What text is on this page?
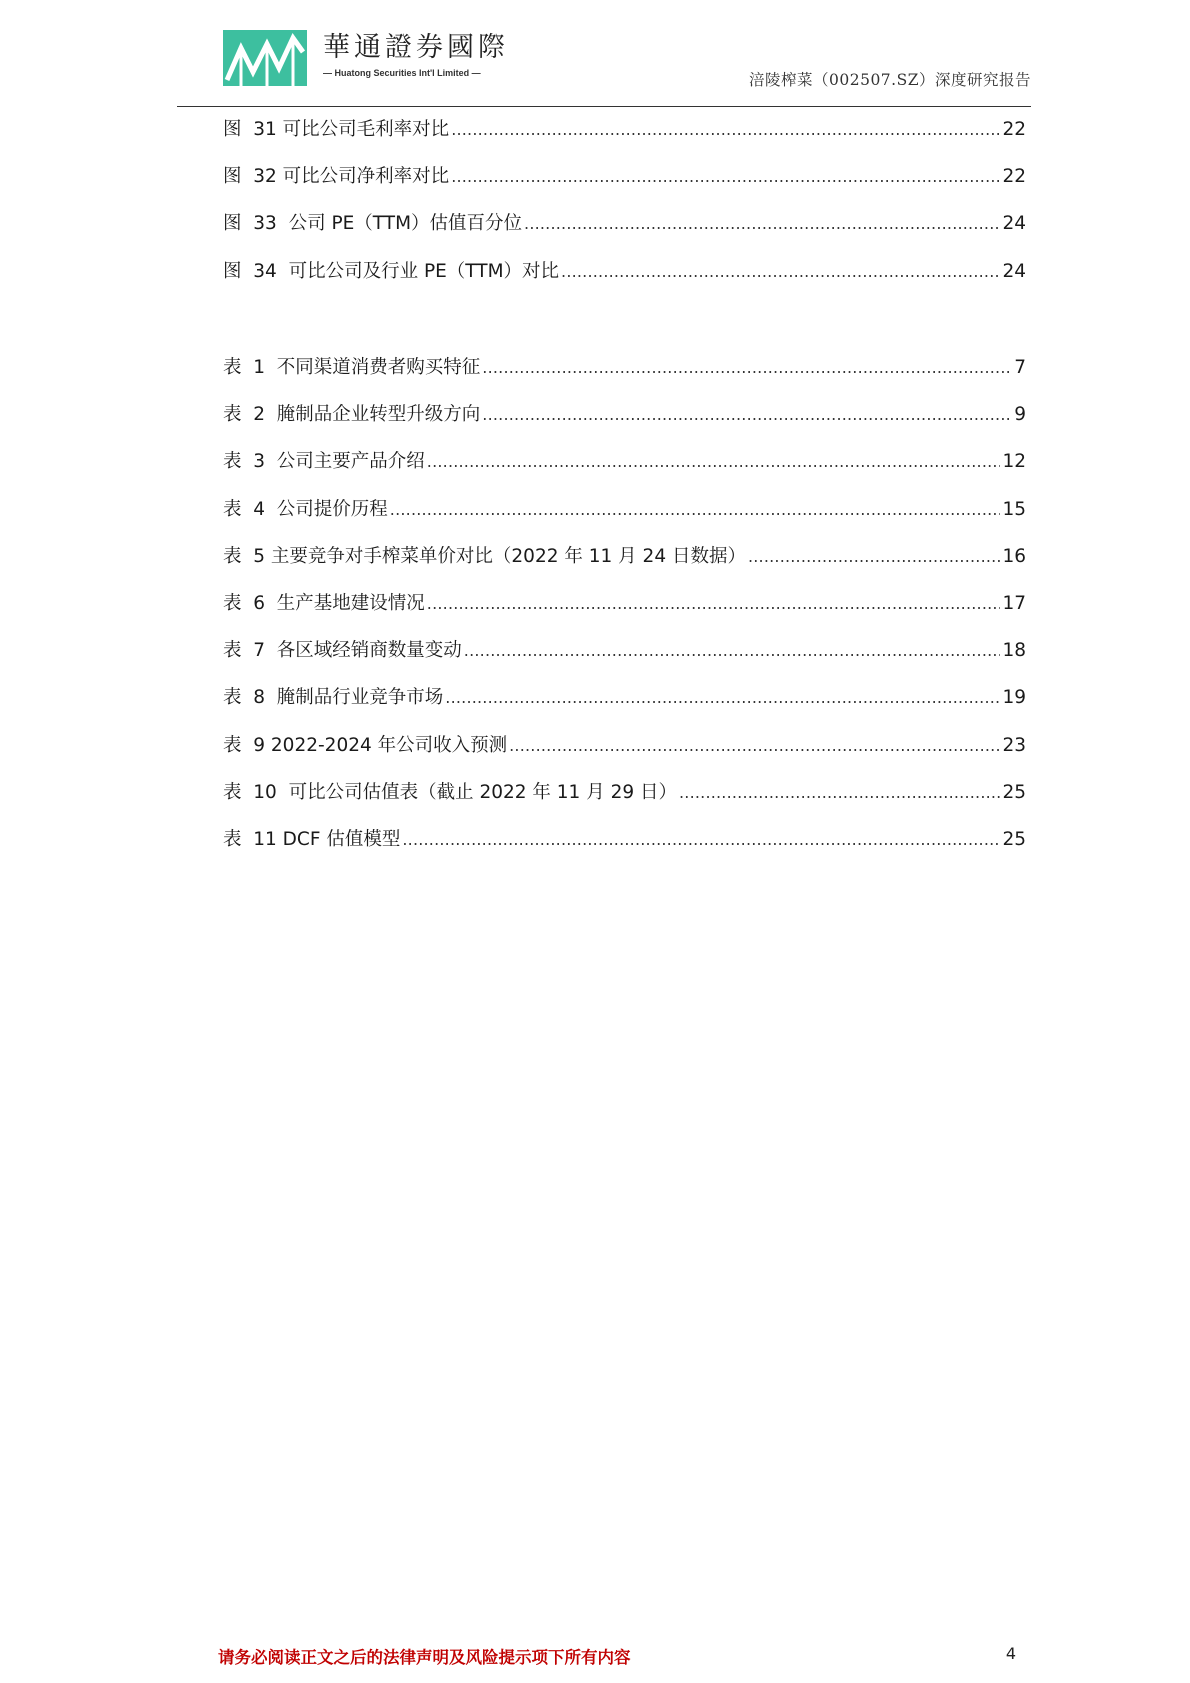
華通證券國際
— Huatong Securities Int'l Limited —	涪陵榨菜（002507.SZ）深度研究报告
图  31 可比公司毛利率对比 .....	22
图  32 可比公司净利率对比 .....	22
图  33  公司 PE（TTM）估值百分位 .....	24
图  34  可比公司及行业 PE（TTM）对比 .....	24
表  1  不同渠道消费者购买特征 .....	7
表  2  腌制品企业转型升级方向 .....	9
表  3  公司主要产品介绍 .....	12
表  4  公司提价历程 .....	15
表  5 主要竞争对手榨菜单价对比（2022 年 11 月 24 日数据） .....	16
表  6  生产基地建设情况 .....	17
表  7  各区域经销商数量变动 .....	18
表  8  腌制品行业竞争市场 .....	19
表  9 2022-2024 年公司收入预测 .....	23
表  10  可比公司估值表（截止 2022 年 11 月 29 日） .....	25
表  11 DCF 估值模型 .....	25
请务必阅读正文之后的法律声明及风险提示项下所有内容	4
